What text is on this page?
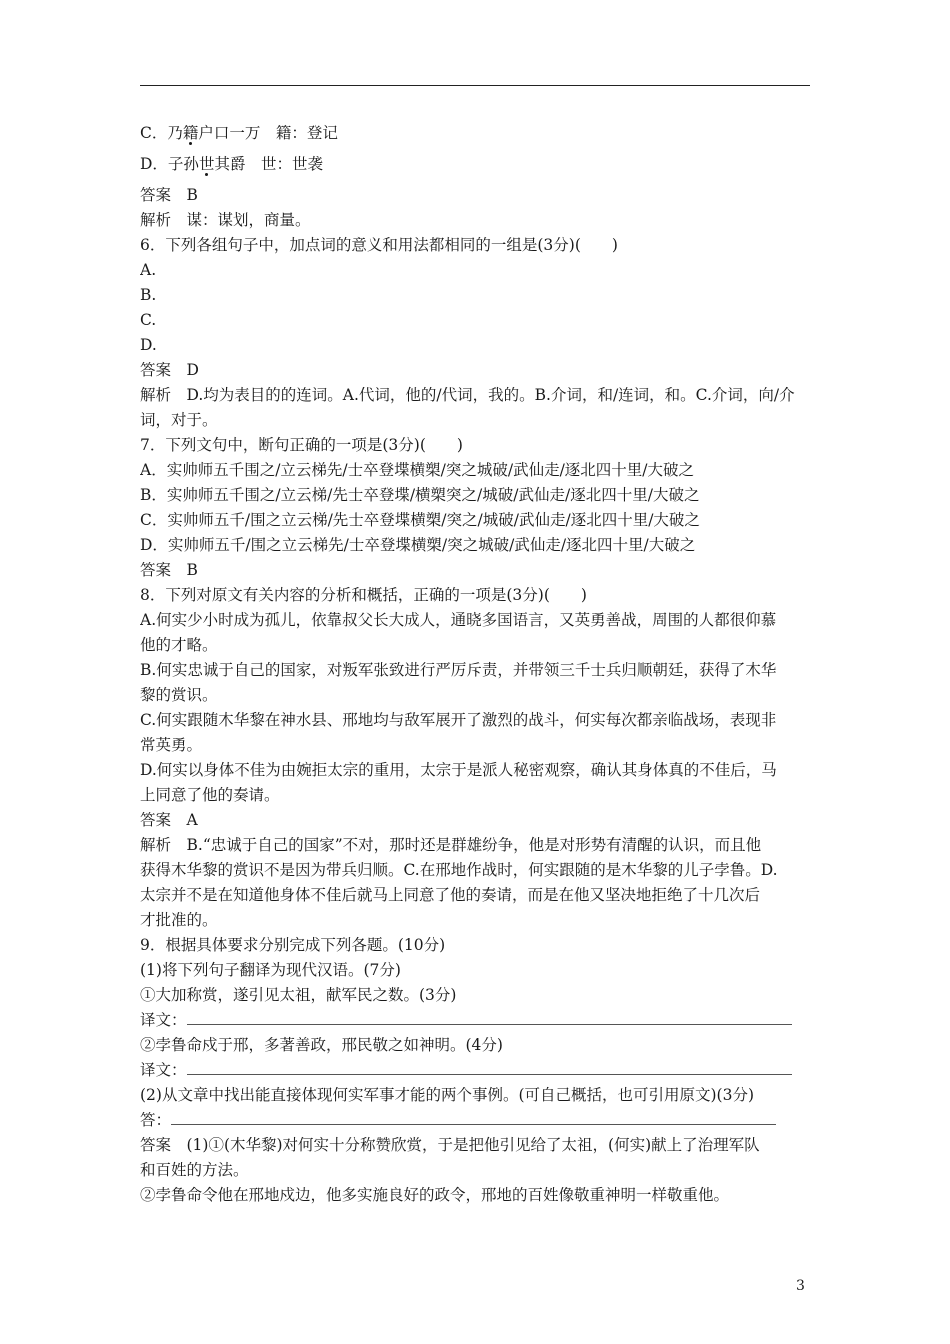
C．乃籍户口一万　籍：登记
D．子孙世其爵　世：世袭
答案　B
解析　谋：谋划，商量。
6．下列各组句子中，加点词的意义和用法都相同的一组是(3分)(　　)
A.
B.
C.
D.
答案　D
解析　D.均为表目的的连词。A.代词，他的/代词，我的。B.介词，和/连词，和。C.介词，向/介
词，对于。
7．下列文句中，断句正确的一项是(3分)(　　)
A．实帅师五千围之/立云梯先/士卒登堞横槊/突之城破/武仙走/逐北四十里/大破之
B．实帅师五千围之/立云梯/先士卒登堞/横槊突之/城破/武仙走/逐北四十里/大破之
C．实帅师五千/围之立云梯/先士卒登堞横槊/突之/城破/武仙走/逐北四十里/大破之
D．实帅师五千/围之立云梯先/士卒登堞横槊/突之城破/武仙走/逐北四十里/大破之
答案　B
8．下列对原文有关内容的分析和概括，正确的一项是(3分)(　　)
A.何实少小时成为孤儿，依靠叔父长大成人，通晓多国语言，又英勇善战，周围的人都很仰慕
他的才略。
B.何实忠诚于自己的国家，对叛军张致进行严厉斥责，并带领三千士兵归顺朝廷，获得了木华
黎的赏识。
C.何实跟随木华黎在神水县、邢地均与敌军展开了激烈的战斗，何实每次都亲临战场，表现非
常英勇。
D.何实以身体不佳为由婉拒太宗的重用，太宗于是派人秘密观察，确认其身体真的不佳后，马
上同意了他的奏请。
答案　A
解析　B.“忠诚于自己的国家”不对，那时还是群雄纷争，他是对形势有清醒的认识，而且他
获得木华黎的赏识不是因为带兵归顺。C.在邢地作战时，何实跟随的是木华黎的儿子孛鲁。D.
太宗并不是在知道他身体不佳后就马上同意了他的奏请，而是在他又坚决地拒绝了十几次后
才批准的。
9．根据具体要求分别完成下列各题。(10分)
(1)将下列句子翻译为现代汉语。(7分)
①大加称赏，遂引见太祖，献军民之数。(3分)
译文：
②孛鲁命戍于邢，多著善政，邢民敬之如神明。(4分)
译文：
(2)从文章中找出能直接体现何实军事才能的两个事例。(可自己概括，也可引用原文)(3分)
答：
答案　(1)①(木华黎)对何实十分称赞欣赏，于是把他引见给了太祖，(何实)献上了治理军队
和百姓的方法。
②孛鲁命令他在邢地戍边，他多实施良好的政令，邢地的百姓像敬重神明一样敬重他。
3
